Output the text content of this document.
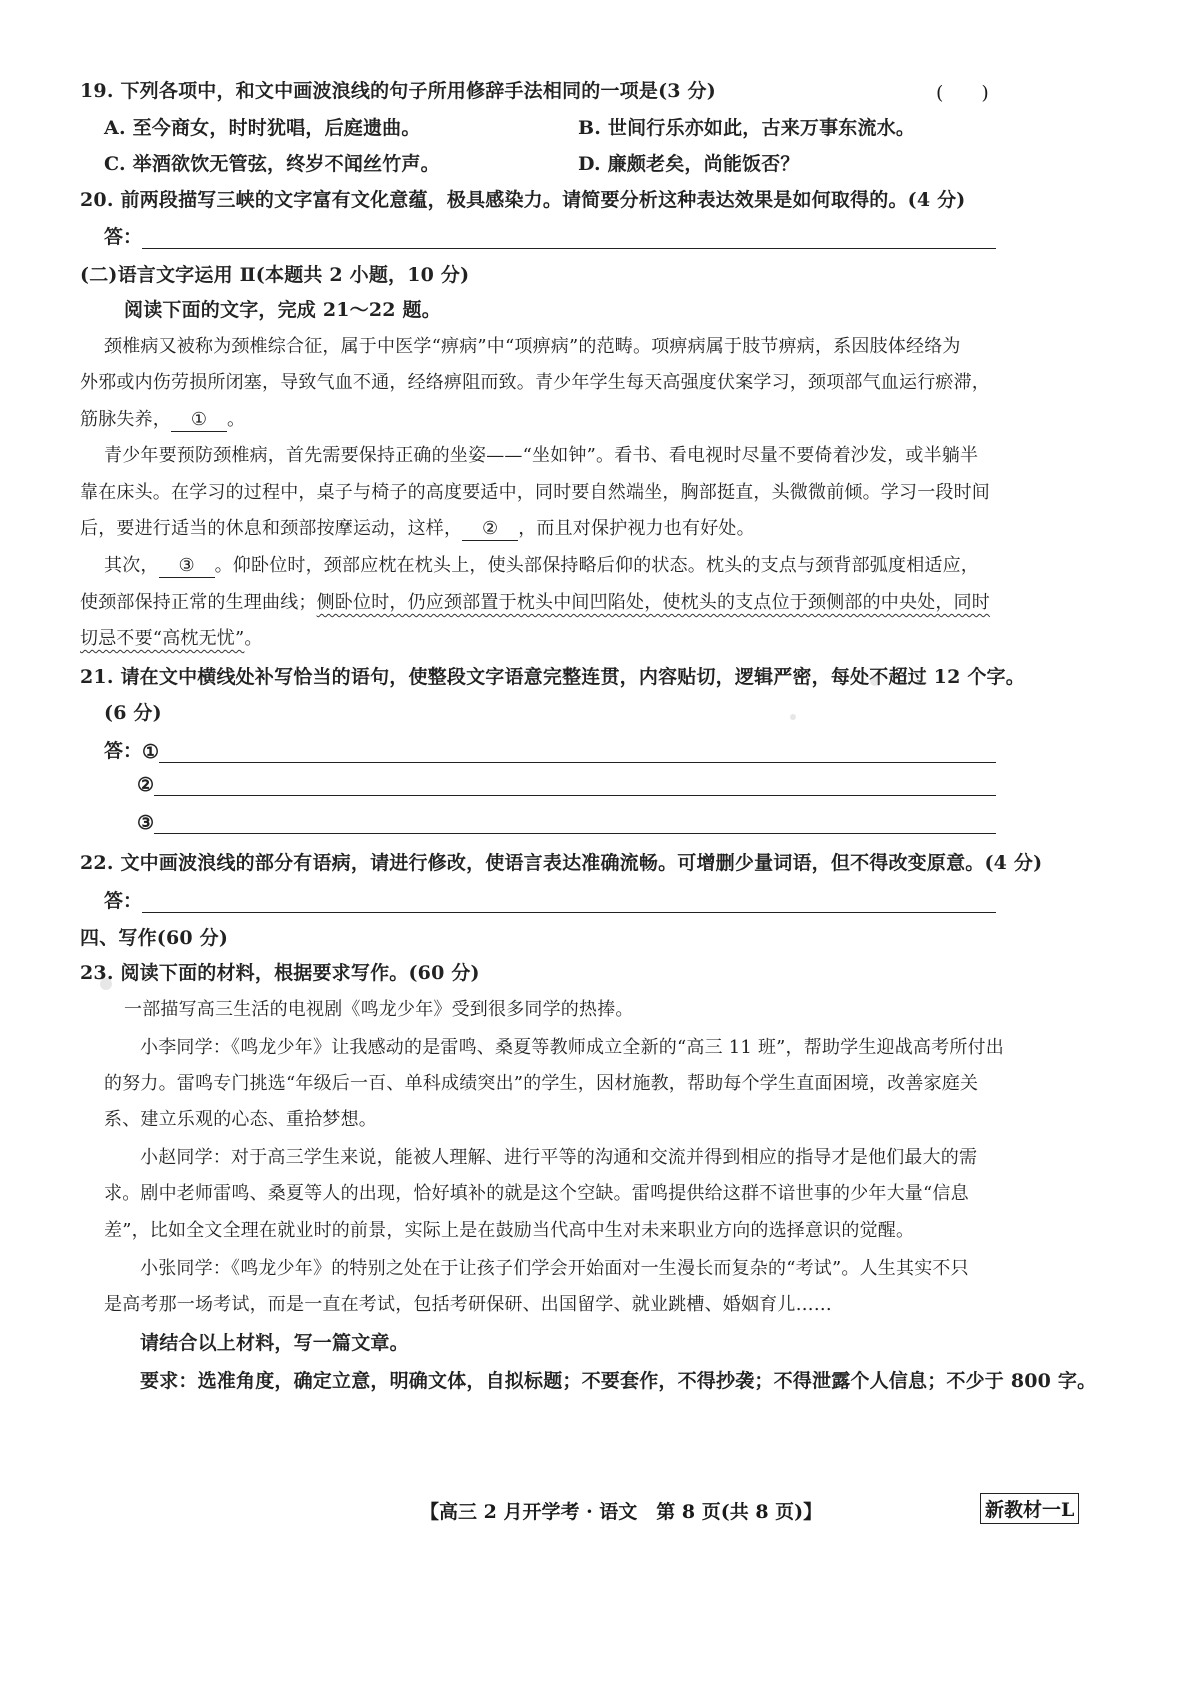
19. 下列各项中，和文中画波浪线的句子所用修辞手法相同的一项是(3 分)	(　　)
A. 至今商女，时时犹唱，后庭遗曲。	B. 世间行乐亦如此，古来万事东流水。
C. 举酒欲饮无管弦，终岁不闻丝竹声。	D. 廉颇老矣，尚能饭否？
20. 前两段描写三峡的文字富有文化意蕴，极具感染力。请简要分析这种表达效果是如何取得的。(4 分)
答：
(二)语言文字运用 Ⅱ(本题共 2 小题，10 分)
阅读下面的文字，完成 21～22 题。
颈椎病又被称为颈椎综合征，属于中医学“痹病”中“项痹病”的范畴。项痹病属于肢节痹病，系因肢体经络为
外邪或内伤劳损所闭塞，导致气血不通，经络痹阻而致。青少年学生每天高强度伏案学习，颈项部气血运行瘀滞，
筋脉失养， ① 。
青少年要预防颈椎病，首先需要保持正确的坐姿——“坐如钟”。看书、看电视时尽量不要倚着沙发，或半躺半
靠在床头。在学习的过程中，桌子与椅子的高度要适中，同时要自然端坐，胸部挺直，头微微前倾。学习一段时间
后，要进行适当的休息和颈部按摩运动，这样， ② ，而且对保护视力也有好处。
其次， ③ 。仰卧位时，颈部应枕在枕头上，使头部保持略后仰的状态。枕头的支点与颈背部弧度相适应，
使颈部保持正常的生理曲线；侧卧位时，仍应颈部置于枕头中间凹陷处，使枕头的支点位于颈侧部的中央处，同时
切忌不要“高枕无忧”。
21. 请在文中横线处补写恰当的语句，使整段文字语意完整连贯，内容贴切，逻辑严密，每处不超过 12 个字。
(6 分)
答： ①
②
③
22. 文中画波浪线的部分有语病，请进行修改，使语言表达准确流畅。可增删少量词语，但不得改变原意。(4 分)
答：
四、写作(60 分)
23. 阅读下面的材料，根据要求写作。(60 分)
一部描写高三生活的电视剧《鸣龙少年》受到很多同学的热捧。
小李同学：《鸣龙少年》让我感动的是雷鸣、桑夏等教师成立全新的“高三 11 班”，帮助学生迎战高考所付出
的努力。雷鸣专门挑选“年级后一百、单科成绩突出”的学生，因材施教，帮助每个学生直面困境，改善家庭关
系、建立乐观的心态、重拾梦想。
小赵同学：对于高三学生来说，能被人理解、进行平等的沟通和交流并得到相应的指导才是他们最大的需
求。剧中老师雷鸣、桑夏等人的出现，恰好填补的就是这个空缺。雷鸣提供给这群不谙世事的少年大量“信息
差”，比如全文全理在就业时的前景，实际上是在鼓励当代高中生对未来职业方向的选择意识的觉醒。
小张同学：《鸣龙少年》的特别之处在于让孩子们学会开始面对一生漫长而复杂的“考试”。人生其实不只
是高考那一场考试，而是一直在考试，包括考研保研、出国留学、就业跳槽、婚姻育儿……
请结合以上材料，写一篇文章。
要求：选准角度，确定立意，明确文体，自拟标题；不要套作，不得抄袭；不得泄露个人信息；不少于 800 字。
【高三 2 月开学考 · 语文　第 8 页(共 8 页)】	新教材一L
